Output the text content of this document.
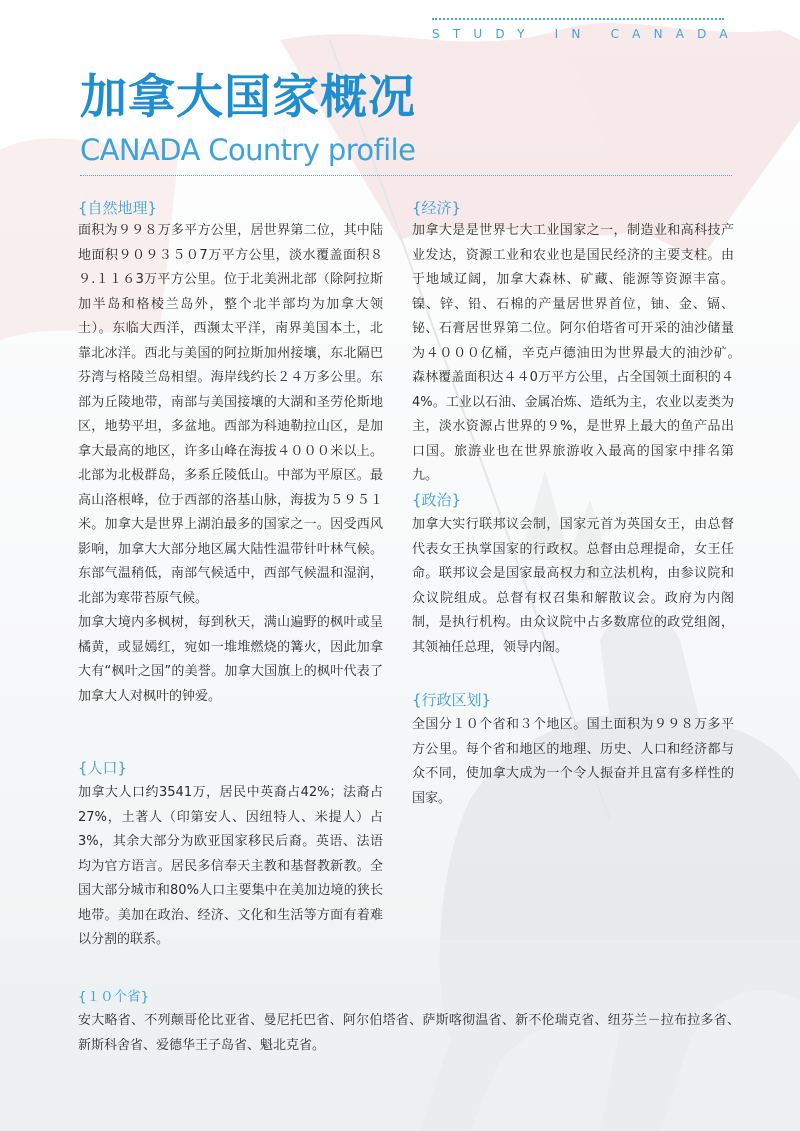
STUDY IN CANADA
加拿大国家概况
CANADA Country profile
{自然地理}

面积为９９８万多平方公里，居世界第二位，其中陆地面积９０９３５０7万平方公里，淡水覆盖面积８９.１１６3万平方公里。位于北美洲北部（除阿拉斯加半岛和格棱兰岛外，整个北半部均为加拿大领土）。东临大西洋，西濒太平洋，南界美国本土，北靠北冰洋。西北与美国的阿拉斯加州接壤，东北隔巴芬湾与格陵兰岛相望。海岸线约长２４万多公里。东部为丘陵地带，南部与美国接壤的大湖和圣劳伦斯地区，地势平坦，多盆地。西部为科迪勒拉山区，是加拿大最高的地区，许多山峰在海拔４０００米以上。北部为北极群岛，多系丘陵低山。中部为平原区。最高山洛根峰，位于西部的洛基山脉，海拔为５９５１米。加拿大是世界上湖泊最多的国家之一。因受西风影响，加拿大大部分地区属大陆性温带针叶林气候。东部气温稍低，南部气候适中，西部气候温和湿润，北部为寒带苔原气候。

加拿大境内多枫树，每到秋天，满山遍野的枫叶或呈橘黄，或显嫣红，宛如一堆堆燃烧的篝火，因此加拿大有“枫叶之国”的美誉。加拿大国旗上的枫叶代表了加拿大人对枫叶的钟爱。

{人口}

加拿大人口约3541万，居民中英裔占42%；法裔占27%，土著人（印第安人、因纽特人、米提人）占3%，其余大部分为欧亚国家移民后裔。英语、法语均为官方语言。居民多信奉天主教和基督教新教。全国大部分城市和80%人口主要集中在美加边境的狭长地带。美加在政治、经济、文化和生活等方面有着难以分割的联系。

{经济}

加拿大是是世界七大工业国家之一，制造业和高科技产业发达，资源工业和农业也是国民经济的主要支柱。由于地域辽阔，加拿大森林、矿藏、能源等资源丰富。镍、锌、铅、石棉的产量居世界首位，铀、金、镉、铋、石膏居世界第二位。阿尔伯塔省可开采的油沙储量为４０００亿桶，辛克卢德油田为世界最大的油沙矿。　森林覆盖面积达４４0万平方公里，占全国领土面积的４4%。工业以石油、金属冶炼、造纸为主，农业以麦类为主，淡水资源占世界的９%，是世界上最大的鱼产品出口国。旅游业也在世界旅游收入最高的国家中排名第九。

{政治}

加拿大实行联邦议会制，国家元首为英国女王，由总督代表女王执掌国家的行政权。总督由总理提命，女王任命。联邦议会是国家最高权力和立法机构，由参议院和众议院组成。总督有权召集和解散议会。政府为内阁制，是执行机构。由众议院中占多数席位的政党组阁，其领袖任总理，领导内阁。

{行政区划}

全国分１０个省和３个地区。国土面积为９９８万多平方公里。每个省和地区的地理、历史、人口和经济都与众不同，使加拿大成为一个令人振奋并且富有多样性的国家。

{１０个省}

安大略省、不列颠哥伦比亚省、曼尼托巴省、阿尔伯塔省、萨斯喀彻温省、新不伦瑞克省、纽芬兰－拉布拉多省、新斯科舍省、爱德华王子岛省、魁北克省。
